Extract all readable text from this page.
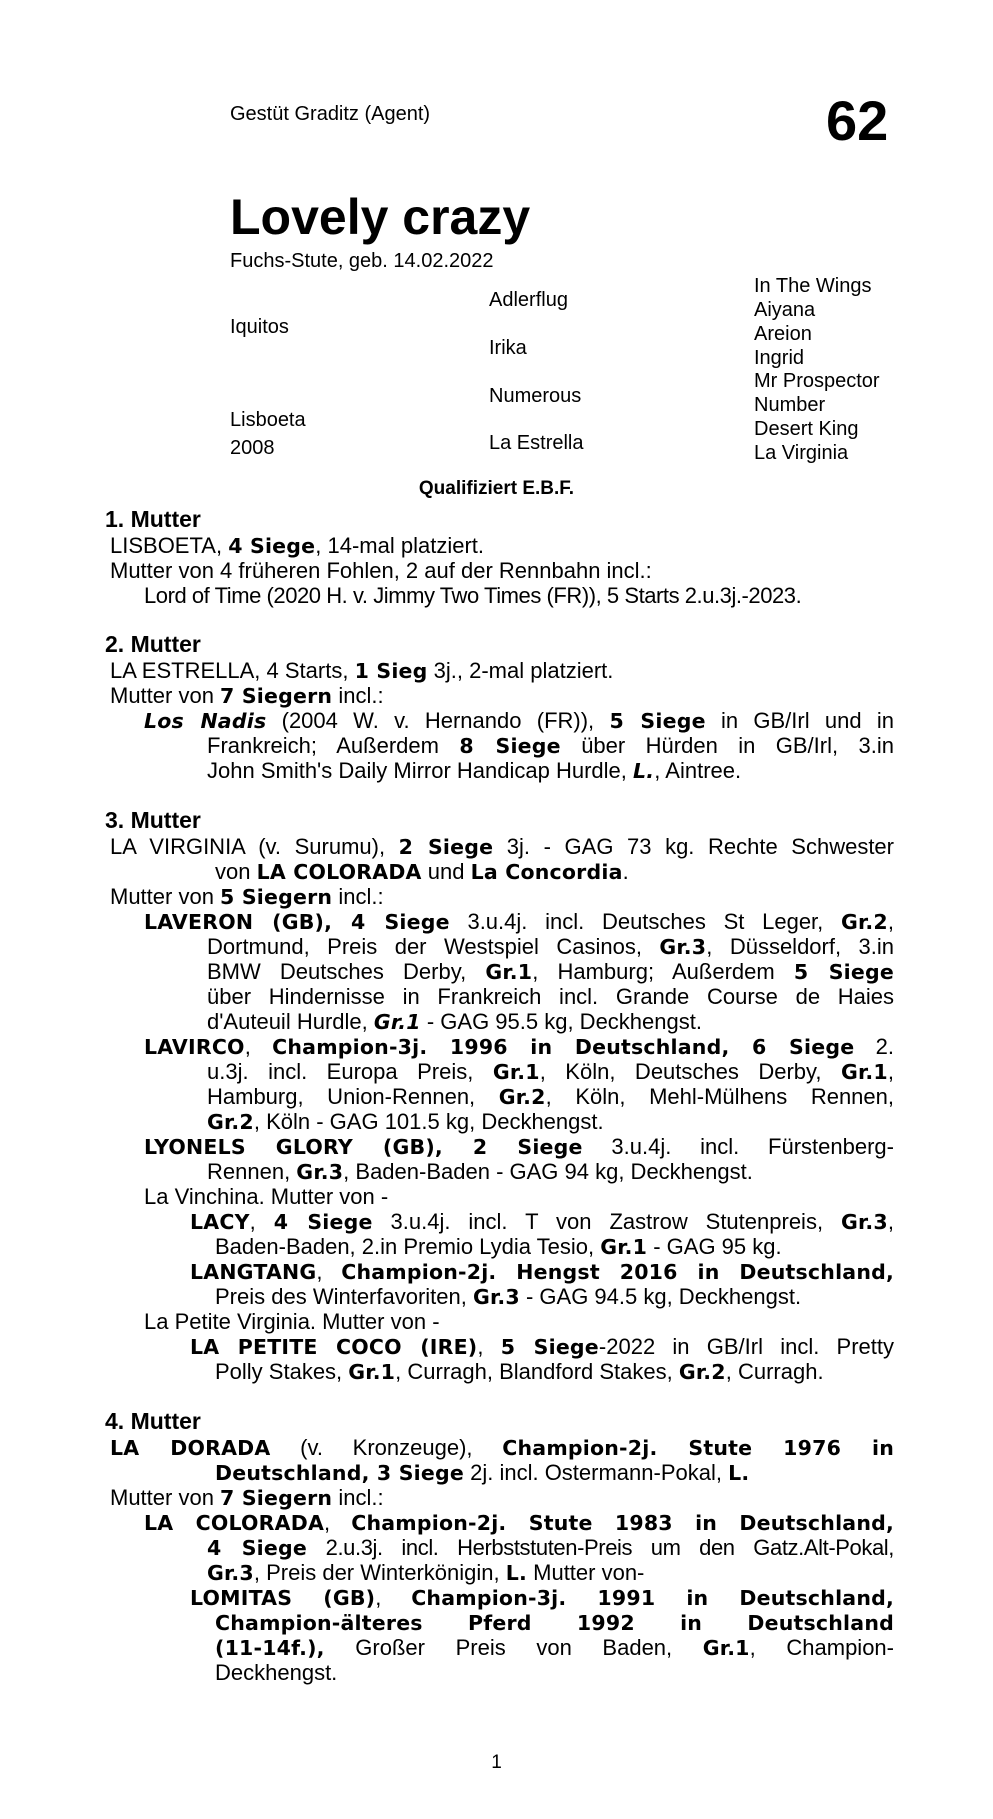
Gestüt Graditz (Agent)	62
Lovely crazy
Fuchs-Stute, geb. 14.02.2022
Iquitos
Lisboeta
2008
Adlerflug
Irika
Numerous
La Estrella
In The Wings
Aiyana
Areion
Ingrid
Mr Prospector
Number
Desert King
La Virginia
Qualifiziert E.B.F.
1. Mutter
LISBOETA, 4 Siege, 14-mal platziert.
Mutter von 4 früheren Fohlen, 2 auf der Rennbahn incl.:
Lord of Time (2020 H. v. Jimmy Two Times (FR)), 5 Starts 2.u.3j.-2023.
2. Mutter
LA ESTRELLA, 4 Starts, 1 Sieg 3j., 2-mal platziert.
Mutter von 7 Siegern incl.:
Los Nadis (2004 W. v. Hernando (FR)), 5 Siege in GB/Irl und in
Frankreich; Außerdem 8 Siege über Hürden in GB/Irl, 3.in
John Smith's Daily Mirror Handicap Hurdle, L., Aintree.
3. Mutter
LA VIRGINIA (v. Surumu), 2 Siege 3j. - GAG 73 kg. Rechte Schwester
von LA COLORADA und La Concordia.
Mutter von 5 Siegern incl.:
LAVERON (GB), 4 Siege 3.u.4j. incl. Deutsches St Leger, Gr.2,
Dortmund, Preis der Westspiel Casinos, Gr.3, Düsseldorf, 3.in
BMW Deutsches Derby, Gr.1, Hamburg; Außerdem 5 Siege
über Hindernisse in Frankreich incl. Grande Course de Haies
d'Auteuil Hurdle, Gr.1 - GAG 95.5 kg, Deckhengst.
LAVIRCO, Champion-3j. 1996 in Deutschland, 6 Siege 2.
u.3j. incl. Europa Preis, Gr.1, Köln, Deutsches Derby, Gr.1,
Hamburg, Union-Rennen, Gr.2, Köln, Mehl-Mülhens Rennen,
Gr.2, Köln - GAG 101.5 kg, Deckhengst.
LYONELS GLORY (GB), 2 Siege 3.u.4j. incl. Fürstenberg-
Rennen, Gr.3, Baden-Baden - GAG 94 kg, Deckhengst.
La Vinchina. Mutter von -
LACY, 4 Siege 3.u.4j. incl. T von Zastrow Stutenpreis, Gr.3,
Baden-Baden, 2.in Premio Lydia Tesio, Gr.1 - GAG 95 kg.
LANGTANG, Champion-2j. Hengst 2016 in Deutschland,
Preis des Winterfavoriten, Gr.3 - GAG 94.5 kg, Deckhengst.
La Petite Virginia. Mutter von -
LA PETITE COCO (IRE), 5 Siege-2022 in GB/Irl incl. Pretty
Polly Stakes, Gr.1, Curragh, Blandford Stakes, Gr.2, Curragh.
4. Mutter
LA DORADA (v. Kronzeuge), Champion-2j. Stute 1976 in
Deutschland, 3 Siege 2j. incl. Ostermann-Pokal, L.
Mutter von 7 Siegern incl.:
LA COLORADA, Champion-2j. Stute 1983 in Deutschland,
4 Siege 2.u.3j. incl. Herbststuten-Preis um den Gatz.Alt-Pokal,
Gr.3, Preis der Winterkönigin, L. Mutter von-
LOMITAS (GB), Champion-3j. 1991 in Deutschland,
Champion-älteres Pferd 1992 in Deutschland
(11-14f.), Großer Preis von Baden, Gr.1, Champion-
Deckhengst.
1
